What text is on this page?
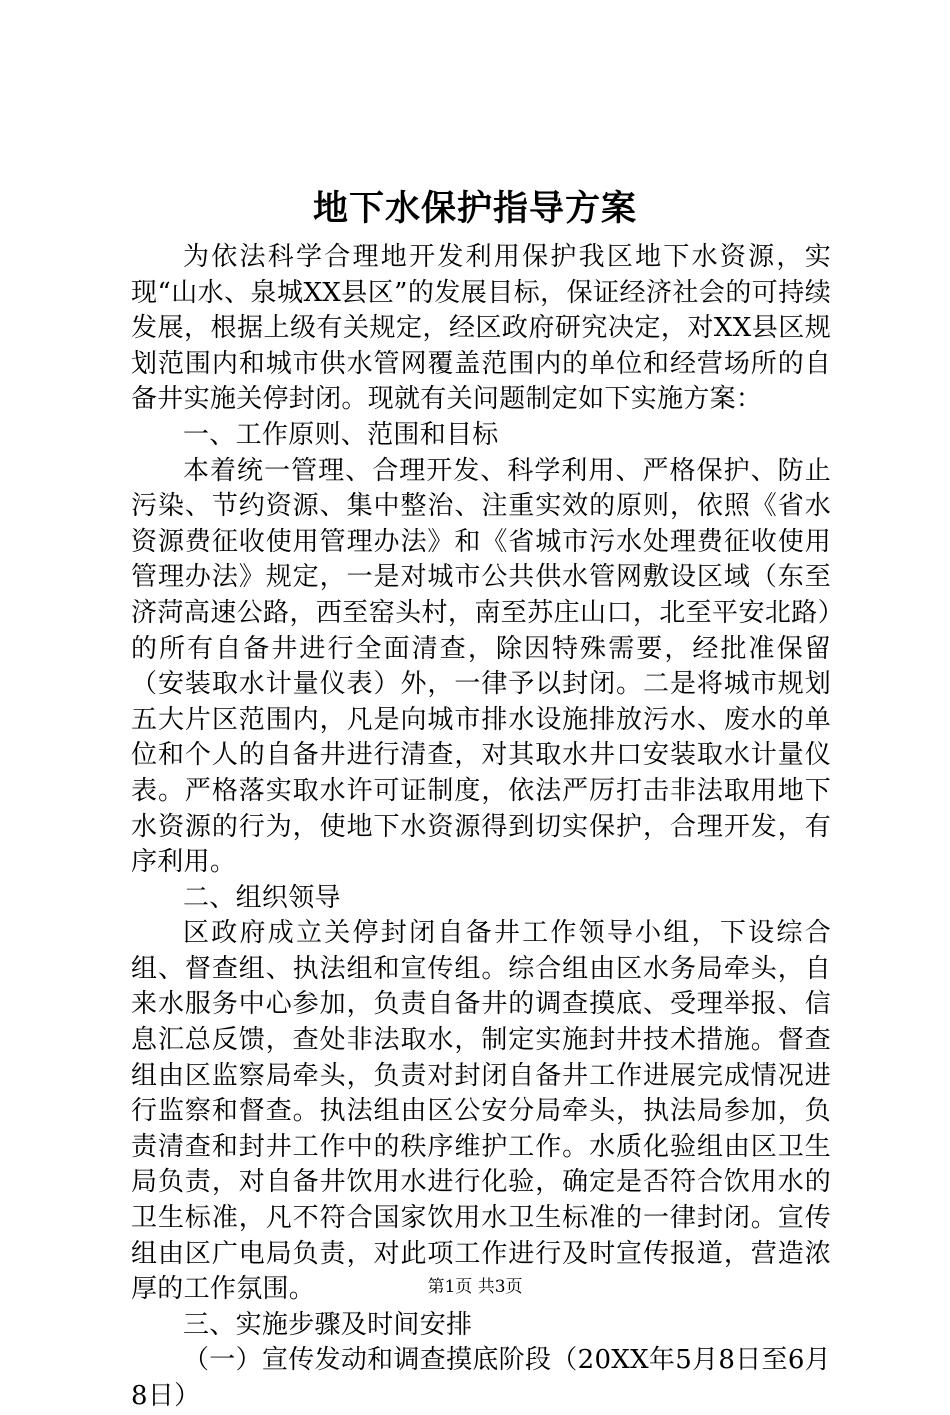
地下水保护指导方案

为依法科学合理地开发利用保护我区地下水资源，实现“山水、泉城XX县区”的发展目标，保证经济社会的可持续发展，根据上级有关规定，经区政府研究决定，对XX县区规划范围内和城市供水管网覆盖范围内的单位和经营场所的自备井实施关停封闭。现就有关问题制定如下实施方案：

一、工作原则、范围和目标

本着统一管理、合理开发、科学利用、严格保护、防止污染、节约资源、集中整治、注重实效的原则，依照《省水资源费征收使用管理办法》和《省城市污水处理费征收使用管理办法》规定，一是对城市公共供水管网敷设区域（东至济菏高速公路，西至窑头村，南至苏庄山口，北至平安北路）的所有自备井进行全面清查，除因特殊需要，经批准保留（安装取水计量仪表）外，一律予以封闭。二是将城市规划五大片区范围内，凡是向城市排水设施排放污水、废水的单位和个人的自备井进行清查，对其取水井口安装取水计量仪表。严格落实取水许可证制度，依法严厉打击非法取用地下水资源的行为，使地下水资源得到切实保护，合理开发，有序利用。

二、组织领导

区政府成立关停封闭自备井工作领导小组，下设综合组、督查组、执法组和宣传组。综合组由区水务局牵头，自来水服务中心参加，负责自备井的调查摸底、受理举报、信息汇总反馈，查处非法取水，制定实施封井技术措施。督查组由区监察局牵头，负责对封闭自备井工作进展完成情况进行监察和督查。执法组由区公安分局牵头，执法局参加，负责清查和封井工作中的秩序维护工作。水质化验组由区卫生局负责，对自备井饮用水进行化验，确定是否符合饮用水的卫生标准，凡不符合国家饮用水卫生标准的一律封闭。宣传组由区广电局负责，对此项工作进行及时宣传报道，营造浓厚的工作氛围。

三、实施步骤及时间安排

（一）宣传发动和调查摸底阶段（20XX年5月8日至6月8日）

第1页 共3页
